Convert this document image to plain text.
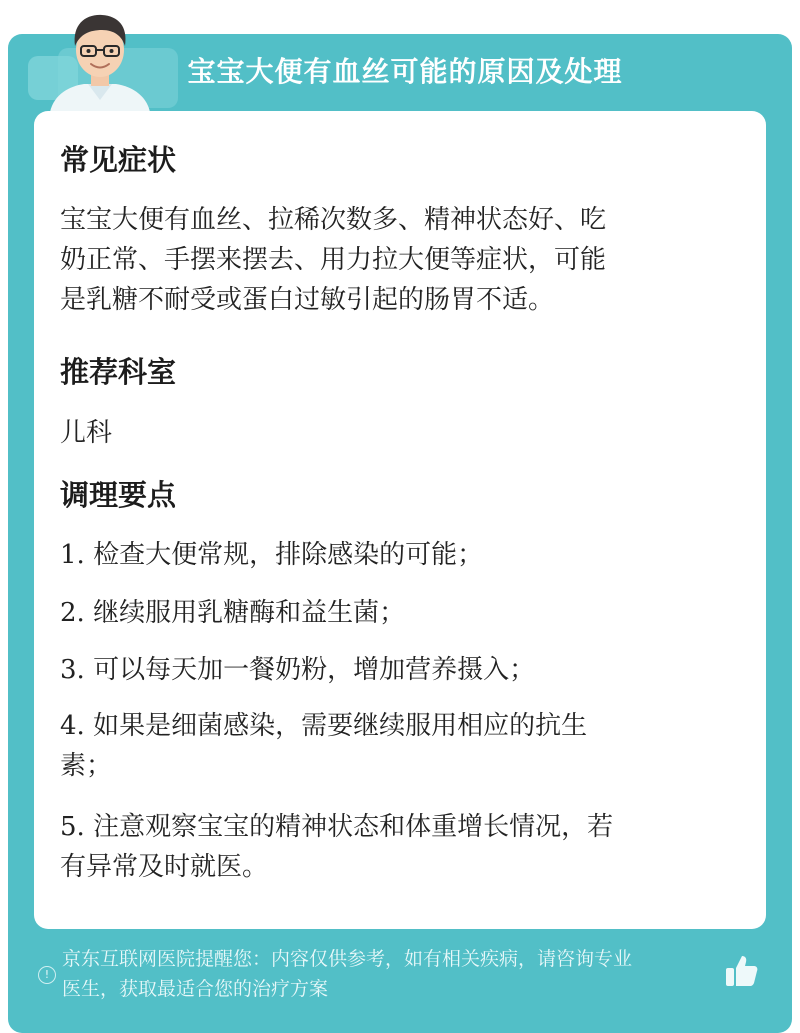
宝宝大便有血丝可能的原因及处理
常见症状
宝宝大便有血丝、拉稀次数多、精神状态好、吃
奶正常、手摆来摆去、用力拉大便等症状，可能
是乳糖不耐受或蛋白过敏引起的肠胃不适。
推荐科室
儿科
调理要点
1. 检查大便常规，排除感染的可能；
2. 继续服用乳糖酶和益生菌；
3. 可以每天加一餐奶粉，增加营养摄入；
4. 如果是细菌感染，需要继续服用相应的抗生
素；
5. 注意观察宝宝的精神状态和体重增长情况，若
有异常及时就医。
!
京东互联网医院提醒您：内容仅供参考，如有相关疾病，请咨询专业
医生，获取最适合您的治疗方案
